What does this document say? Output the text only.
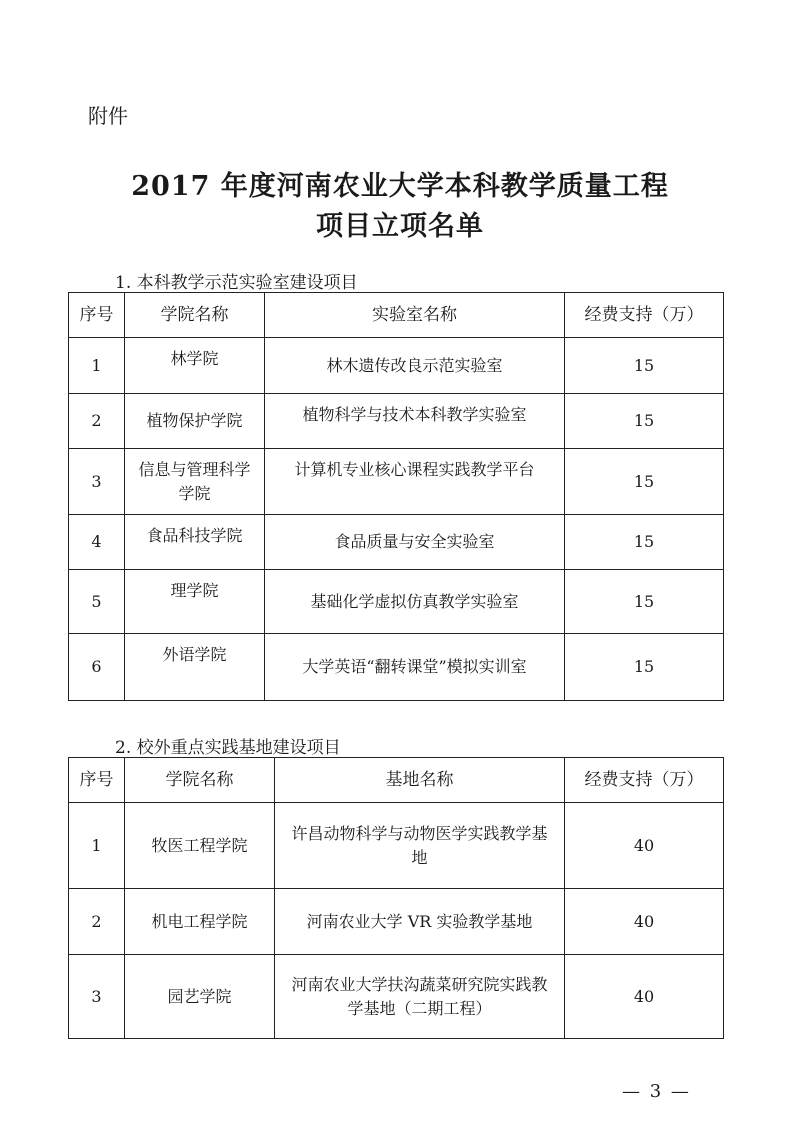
附件
2017 年度河南农业大学本科教学质量工程
项目立项名单
1. 本科教学示范实验室建设项目
序号	学院名称	实验室名称	经费支持（万）
1	林学院	林木遗传改良示范实验室	15
2	植物保护学院	植物科学与技术本科教学实验室	15
3	信息与管理科学学院	计算机专业核心课程实践教学平台	15
4	食品科技学院	食品质量与安全实验室	15
5	理学院	基础化学虚拟仿真教学实验室	15
6	外语学院	大学英语“翻转课堂”模拟实训室	15
2. 校外重点实践基地建设项目
序号	学院名称	基地名称	经费支持（万）
1	牧医工程学院	许昌动物科学与动物医学实践教学基地	40
2	机电工程学院	河南农业大学 VR 实验教学基地	40
3	园艺学院	河南农业大学扶沟蔬菜研究院实践教学基地（二期工程）	40
— 3 —
